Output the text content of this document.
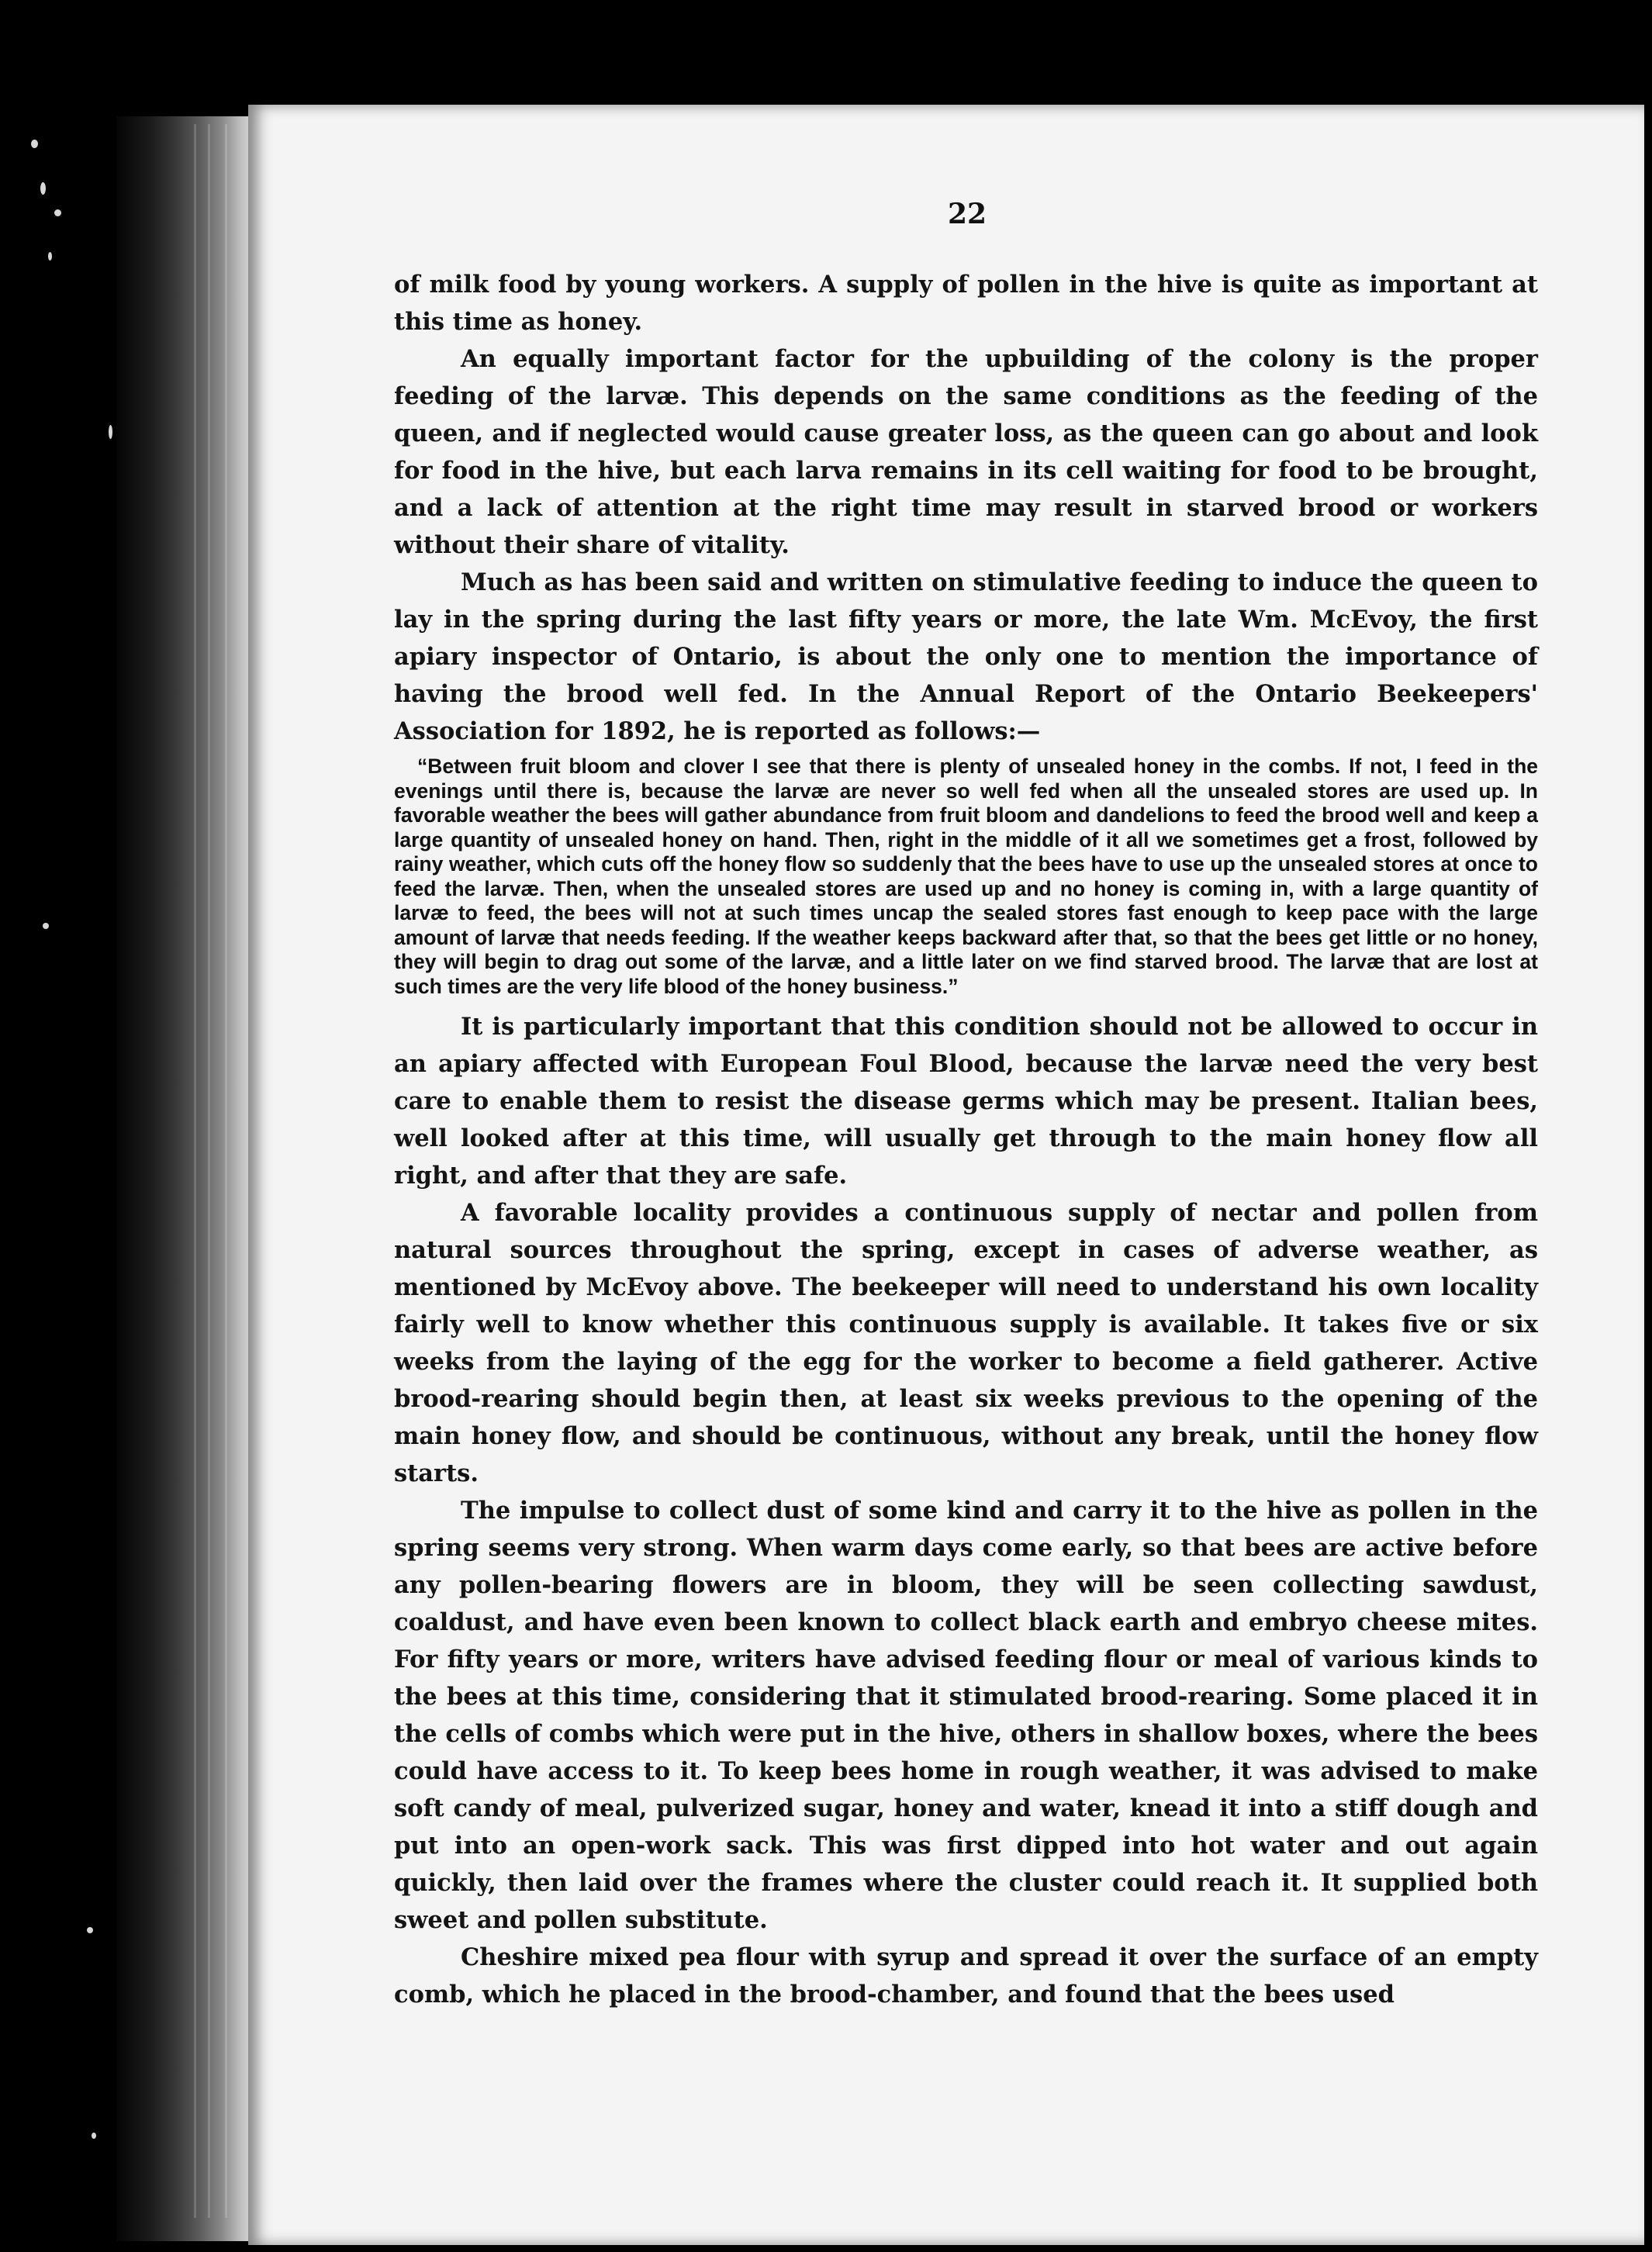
22

of milk food by young workers. A supply of pollen in the hive is quite as important at this time as honey.

An equally important factor for the upbuilding of the colony is the proper feeding of the larvæ. This depends on the same conditions as the feeding of the queen, and if neglected would cause greater loss, as the queen can go about and look for food in the hive, but each larva remains in its cell waiting for food to be brought, and a lack of attention at the right time may result in starved brood or workers without their share of vitality.

Much as has been said and written on stimulative feeding to induce the queen to lay in the spring during the last fifty years or more, the late Wm. McEvoy, the first apiary inspector of Ontario, is about the only one to mention the importance of having the brood well fed. In the Annual Report of the Ontario Beekeepers' Association for 1892, he is reported as follows:—

“Between fruit bloom and clover I see that there is plenty of unsealed honey in the combs. If not, I feed in the evenings until there is, because the larvæ are never so well fed when all the unsealed stores are used up. In favorable weather the bees will gather abundance from fruit bloom and dandelions to feed the brood well and keep a large quantity of unsealed honey on hand. Then, right in the middle of it all we sometimes get a frost, followed by rainy weather, which cuts off the honey flow so suddenly that the bees have to use up the unsealed stores at once to feed the larvæ. Then, when the unsealed stores are used up and no honey is coming in, with a large quantity of larvæ to feed, the bees will not at such times uncap the sealed stores fast enough to keep pace with the large amount of larvæ that needs feeding. If the weather keeps backward after that, so that the bees get little or no honey, they will begin to drag out some of the larvæ, and a little later on we find starved brood. The larvæ that are lost at such times are the very life blood of the honey business.”

It is particularly important that this condition should not be allowed to occur in an apiary affected with European Foul Blood, because the larvæ need the very best care to enable them to resist the disease germs which may be present. Italian bees, well looked after at this time, will usually get through to the main honey flow all right, and after that they are safe.

A favorable locality provides a continuous supply of nectar and pollen from natural sources throughout the spring, except in cases of adverse weather, as mentioned by McEvoy above. The beekeeper will need to understand his own locality fairly well to know whether this continuous supply is available. It takes five or six weeks from the laying of the egg for the worker to become a field gatherer. Active brood-rearing should begin then, at least six weeks previous to the opening of the main honey flow, and should be continuous, without any break, until the honey flow starts.

The impulse to collect dust of some kind and carry it to the hive as pollen in the spring seems very strong. When warm days come early, so that bees are active before any pollen-bearing flowers are in bloom, they will be seen collecting sawdust, coaldust, and have even been known to collect black earth and embryo cheese mites. For fifty years or more, writers have advised feeding flour or meal of various kinds to the bees at this time, considering that it stimulated brood-rearing. Some placed it in the cells of combs which were put in the hive, others in shallow boxes, where the bees could have access to it. To keep bees home in rough weather, it was advised to make soft candy of meal, pulverized sugar, honey and water, knead it into a stiff dough and put into an open-work sack. This was first dipped into hot water and out again quickly, then laid over the frames where the cluster could reach it. It supplied both sweet and pollen substitute.

Cheshire mixed pea flour with syrup and spread it over the surface of an empty comb, which he placed in the brood-chamber, and found that the bees used
